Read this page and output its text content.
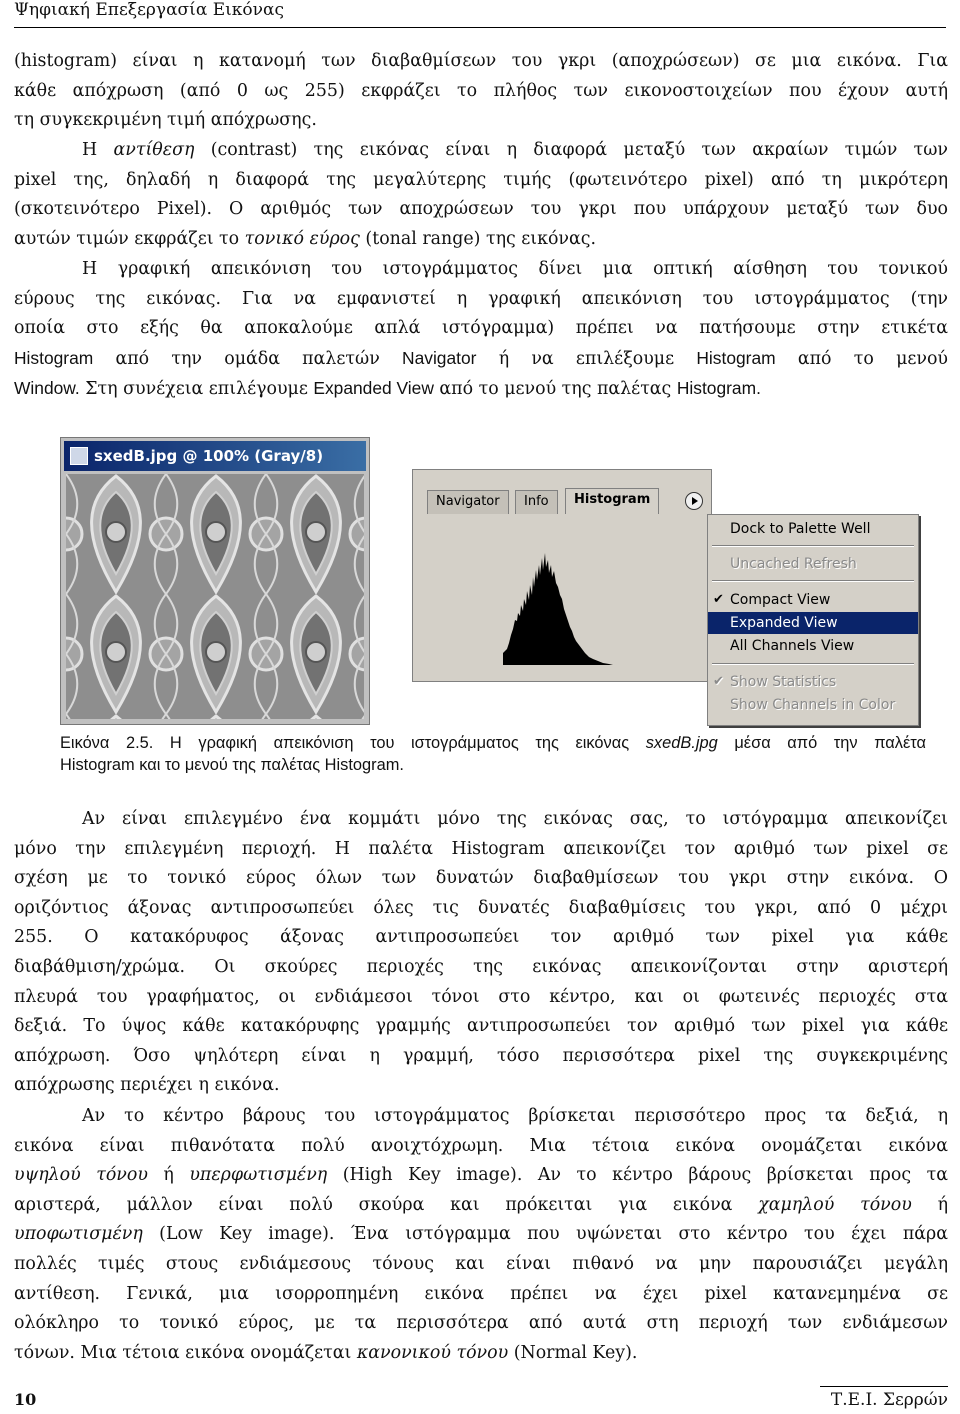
Ψηφιακή Επεξεργασία Εικόνας

(histogram) είναι η κατανομή των διαβαθμίσεων του γκρι (αποχρώσεων) σε μια εικόνα. Για
κάθε απόχρωση (από 0 ως 255) εκφράζει το πλήθος των εικονοστοιχείων που έχουν αυτή
τη συγκεκριμένη τιμή απόχρωσης.

Η αντίθεση (contrast) της εικόνας είναι η διαφορά μεταξύ των ακραίων τιμών των
pixel της, δηλαδή η διαφορά της μεγαλύτερης τιμής (φωτεινότερο pixel) από τη μικρότερη
(σκοτεινότερο Pixel). Ο αριθμός των αποχρώσεων του γκρι που υπάρχουν μεταξύ των δυο
αυτών τιμών εκφράζει το τονικό εύρος (tonal range) της εικόνας.

Η γραφική απεικόνιση του ιστογράμματος δίνει μια οπτική αίσθηση του τονικού
εύρους της εικόνας. Για να εμφανιστεί η γραφική απεικόνιση του ιστογράμματος (την
οποία στο εξής θα αποκαλούμε απλά ιστόγραμμα) πρέπει να πατήσουμε στην ετικέτα
Histogram από την ομάδα παλετών Navigator ή να επιλέξουμε Histogram από το μενού
Window. Στη συνέχεια επιλέγουμε Expanded View από το μενού της παλέτας Histogram.

sxedB.jpg @ 100% (Gray/8)
Navigator	Info	Histogram
Dock to Palette Well
Uncached Refresh
✔ Compact View
Expanded View
All Channels View
✔ Show Statistics
Show Channels in Color

Εικόνα 2.5. Η γραφική απεικόνιση του ιστογράμματος της εικόνας sxedB.jpg μέσα από την παλέτα
Histogram και το μενού της παλέτας Histogram.

Αν είναι επιλεγμένο ένα κομμάτι μόνο της εικόνας σας, το ιστόγραμμα απεικονίζει
μόνο την επιλεγμένη περιοχή. Η παλέτα Histogram απεικονίζει τον αριθμό των pixel σε
σχέση με το τονικό εύρος όλων των δυνατών διαβαθμίσεων του γκρι στην εικόνα. Ο
οριζόντιος άξονας αντιπροσωπεύει όλες τις δυνατές διαβαθμίσεις του γκρι, από 0 μέχρι
255. Ο κατακόρυφος άξονας αντιπροσωπεύει τον αριθμό των pixel για κάθε
διαβάθμιση/χρώμα. Οι σκούρες περιοχές της εικόνας απεικονίζονται στην αριστερή
πλευρά του γραφήματος, οι ενδιάμεσοι τόνοι στο κέντρο, και οι φωτεινές περιοχές στα
δεξιά. Το ύψος κάθε κατακόρυφης γραμμής αντιπροσωπεύει τον αριθμό των pixel για κάθε
απόχρωση. Όσο ψηλότερη είναι η γραμμή, τόσο περισσότερα pixel της συγκεκριμένης
απόχρωσης περιέχει η εικόνα.

Αν το κέντρο βάρους του ιστογράμματος βρίσκεται περισσότερο προς τα δεξιά, η
εικόνα είναι πιθανότατα πολύ ανοιχτόχρωμη. Μια τέτοια εικόνα ονομάζεται εικόνα
υψηλού τόνου ή υπερφωτισμένη (High Key image). Αν το κέντρο βάρους βρίσκεται προς τα
αριστερά, μάλλον είναι πολύ σκούρα και πρόκειται για εικόνα χαμηλού τόνου ή
υποφωτισμένη (Low Key image). Ένα ιστόγραμμα που υψώνεται στο κέντρο του έχει πάρα
πολλές τιμές στους ενδιάμεσους τόνους και είναι πιθανό να μην παρουσιάζει μεγάλη
αντίθεση. Γενικά, μια ισορροπημένη εικόνα πρέπει να έχει pixel κατανεμημένα σε
ολόκληρο το τονικό εύρος, με τα περισσότερα από αυτά στη περιοχή των ενδιάμεσων
τόνων. Μια τέτοια εικόνα ονομάζεται κανονικού τόνου (Normal Key).

10	Τ.Ε.Ι. Σερρών
